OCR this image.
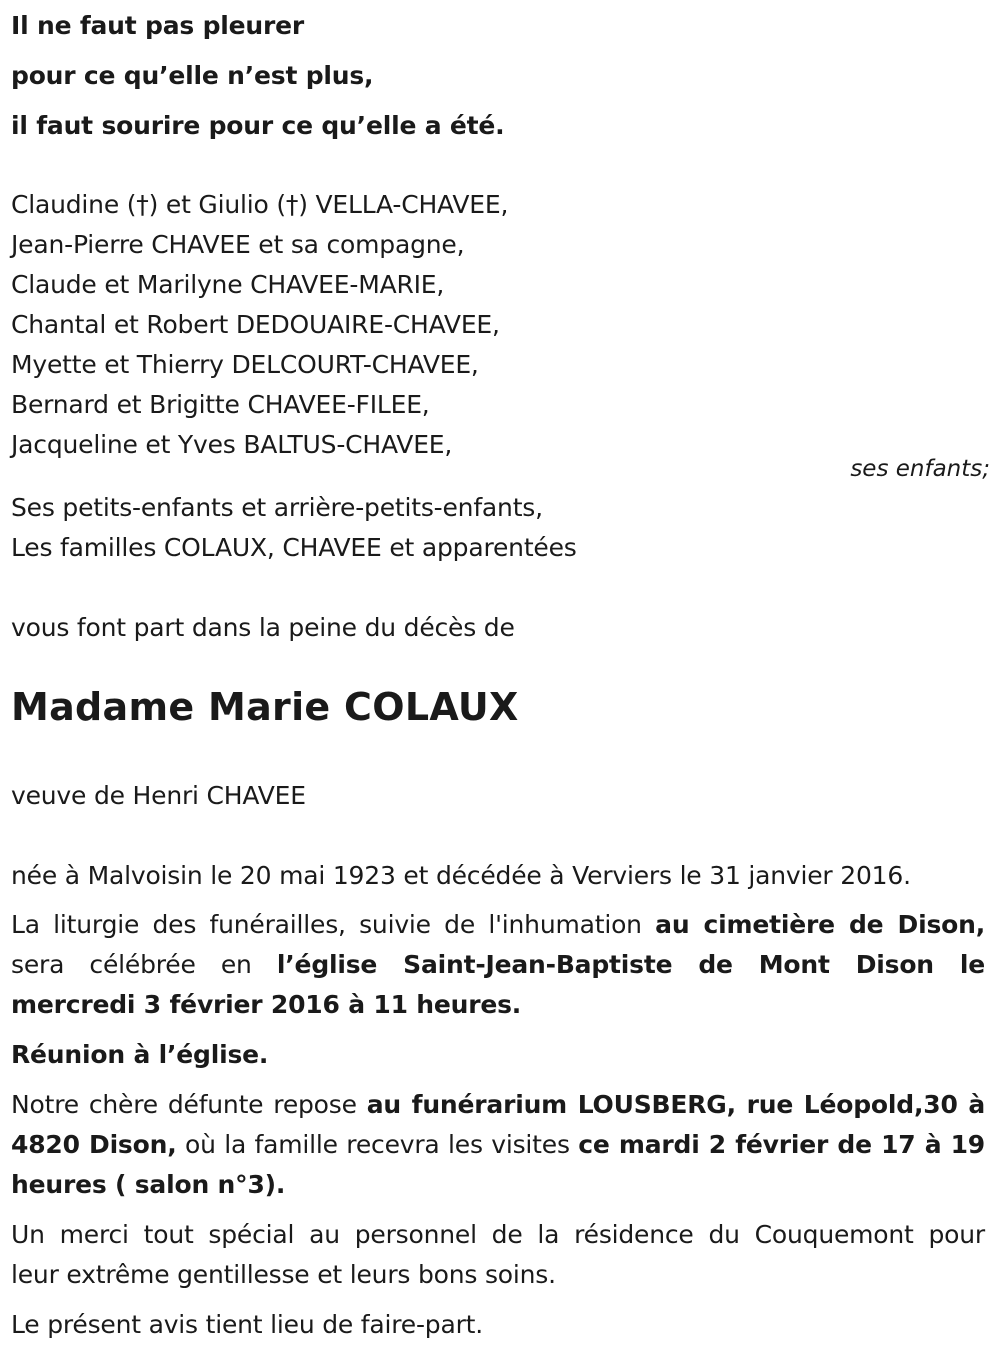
Il ne faut pas pleurer

pour ce qu’elle n’est plus,

il faut sourire pour ce qu’elle a été.

Claudine (†) et Giulio (†) VELLA-CHAVEE,

Jean-Pierre CHAVEE et sa compagne,

Claude et Marilyne CHAVEE-MARIE,

Chantal et Robert DEDOUAIRE-CHAVEE,

Myette et Thierry DELCOURT-CHAVEE,

Bernard et Brigitte CHAVEE-FILEE,

Jacqueline et Yves BALTUS-CHAVEE,

ses enfants;

Ses petits-enfants et arrière-petits-enfants,

Les familles COLAUX, CHAVEE et apparentées

vous font part dans la peine du décès de

Madame Marie COLAUX

veuve de Henri CHAVEE

née à Malvoisin le 20 mai 1923 et décédée à Verviers le 31 janvier 2016.

La liturgie des funérailles, suivie de l'inhumation au cimetière de Dison,

sera célébrée en l’église Saint-Jean-Baptiste de Mont Dison le

mercredi 3 février 2016 à 11 heures.

Réunion à l’église.

Notre chère défunte repose au funérarium LOUSBERG, rue Léopold,30 à

4820 Dison, où la famille recevra les visites ce mardi 2 février de 17 à 19

heures ( salon n°3).

Un merci tout spécial au personnel de la résidence du Couquemont pour

leur extrême gentillesse et leurs bons soins.

Le présent avis tient lieu de faire-part.
